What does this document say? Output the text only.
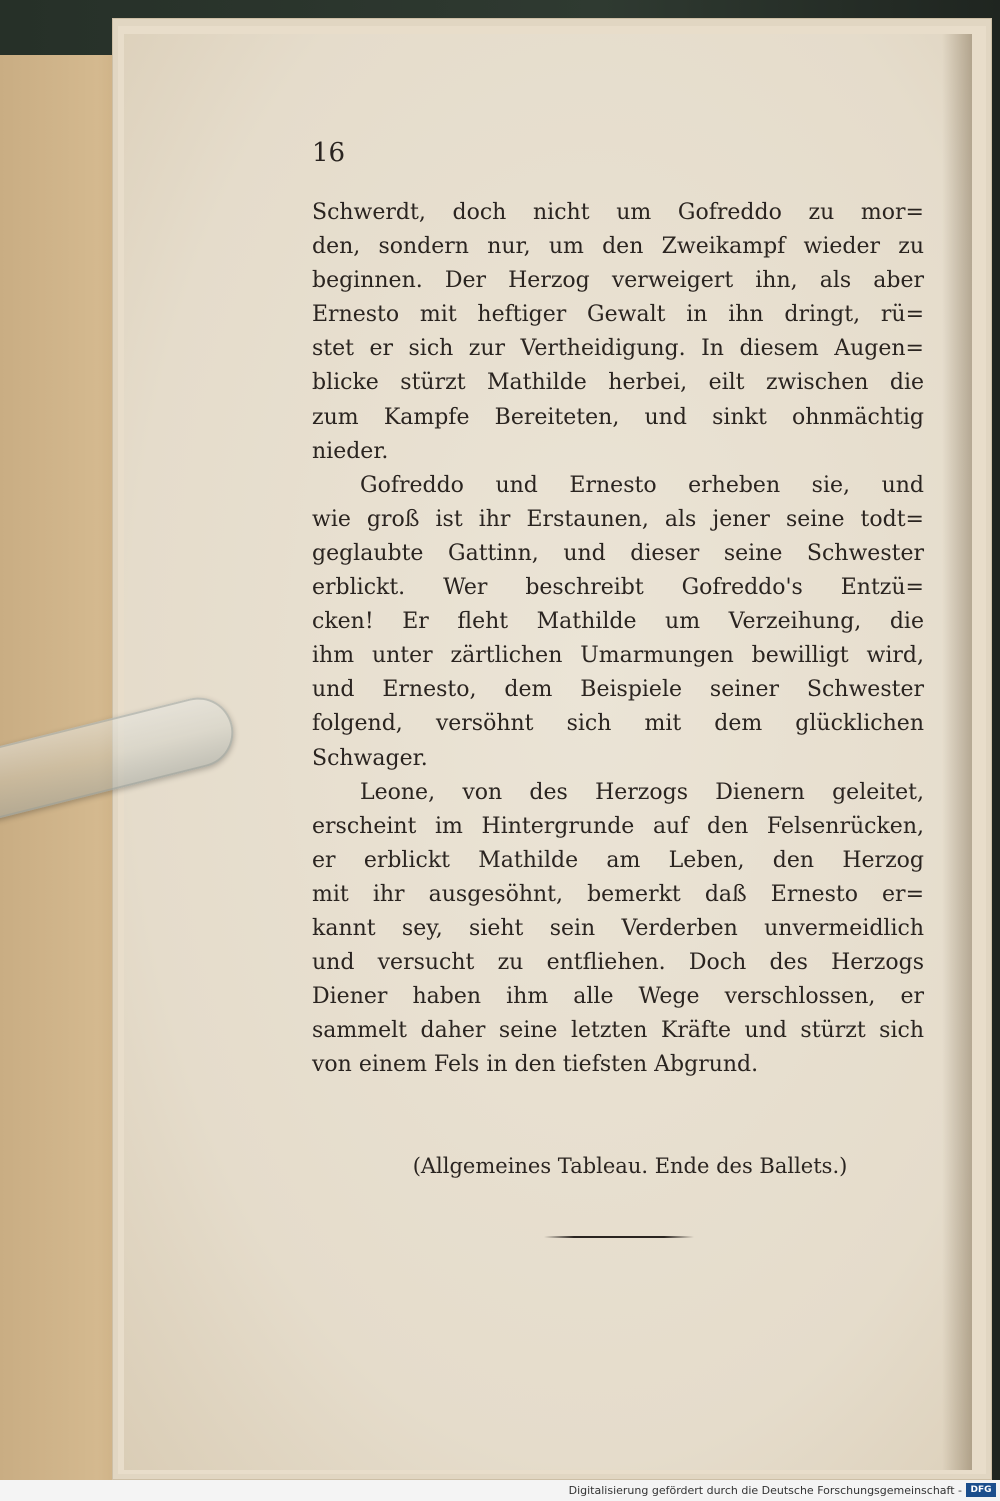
16
Schwerdt, doch nicht um Gofreddo zu mor=
den, sondern nur, um den Zweikampf wieder zu
beginnen. Der Herzog verweigert ihn, als aber
Ernesto mit heftiger Gewalt in ihn dringt, rü=
stet er sich zur Vertheidigung. In diesem Augen=
blicke stürzt Mathilde herbei, eilt zwischen die
zum Kampfe Bereiteten, und sinkt ohnmächtig
nieder.
Gofreddo und Ernesto erheben sie, und
wie groß ist ihr Erstaunen, als jener seine todt=
geglaubte Gattinn, und dieser seine Schwester
erblickt. Wer beschreibt Gofreddo's Entzü=
cken! Er fleht Mathilde um Verzeihung, die
ihm unter zärtlichen Umarmungen bewilligt wird,
und Ernesto, dem Beispiele seiner Schwester
folgend, versöhnt sich mit dem glücklichen
Schwager.
Leone, von des Herzogs Dienern geleitet,
erscheint im Hintergrunde auf den Felsenrücken,
er erblickt Mathilde am Leben, den Herzog
mit ihr ausgesöhnt, bemerkt daß Ernesto er=
kannt sey, sieht sein Verderben unvermeidlich
und versucht zu entfliehen. Doch des Herzogs
Diener haben ihm alle Wege verschlossen, er
sammelt daher seine letzten Kräfte und stürzt sich
von einem Fels in den tiefsten Abgrund.
(Allgemeines Tableau. Ende des Ballets.)
Digitalisierung gefördert durch die Deutsche Forschungsgemeinschaft - DFG
